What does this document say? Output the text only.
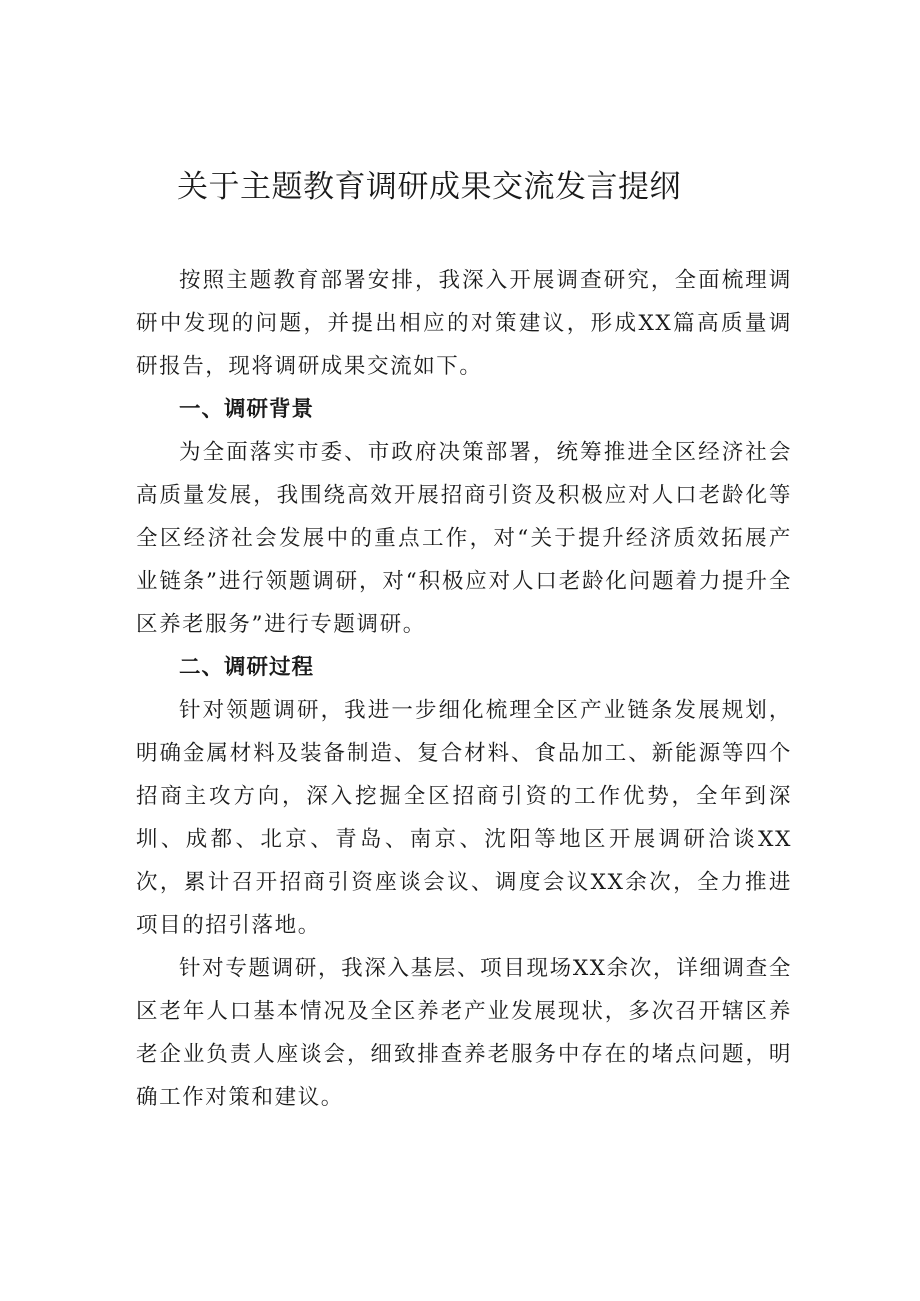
关于主题教育调研成果交流发言提纲

按照主题教育部署安排，我深入开展调查研究，全面梳理调研中发现的问题，并提出相应的对策建议，形成XX篇高质量调研报告，现将调研成果交流如下。

一、调研背景

为全面落实市委、市政府决策部署，统筹推进全区经济社会高质量发展，我围绕高效开展招商引资及积极应对人口老龄化等全区经济社会发展中的重点工作，对“关于提升经济质效拓展产业链条”进行领题调研，对“积极应对人口老龄化问题着力提升全区养老服务”进行专题调研。

二、调研过程

针对领题调研，我进一步细化梳理全区产业链条发展规划，明确金属材料及装备制造、复合材料、食品加工、新能源等四个招商主攻方向，深入挖掘全区招商引资的工作优势，全年到深圳、成都、北京、青岛、南京、沈阳等地区开展调研洽谈XX次，累计召开招商引资座谈会议、调度会议XX余次，全力推进项目的招引落地。

针对专题调研，我深入基层、项目现场XX余次，详细调查全区老年人口基本情况及全区养老产业发展现状，多次召开辖区养老企业负责人座谈会，细致排查养老服务中存在的堵点问题，明确工作对策和建议。
